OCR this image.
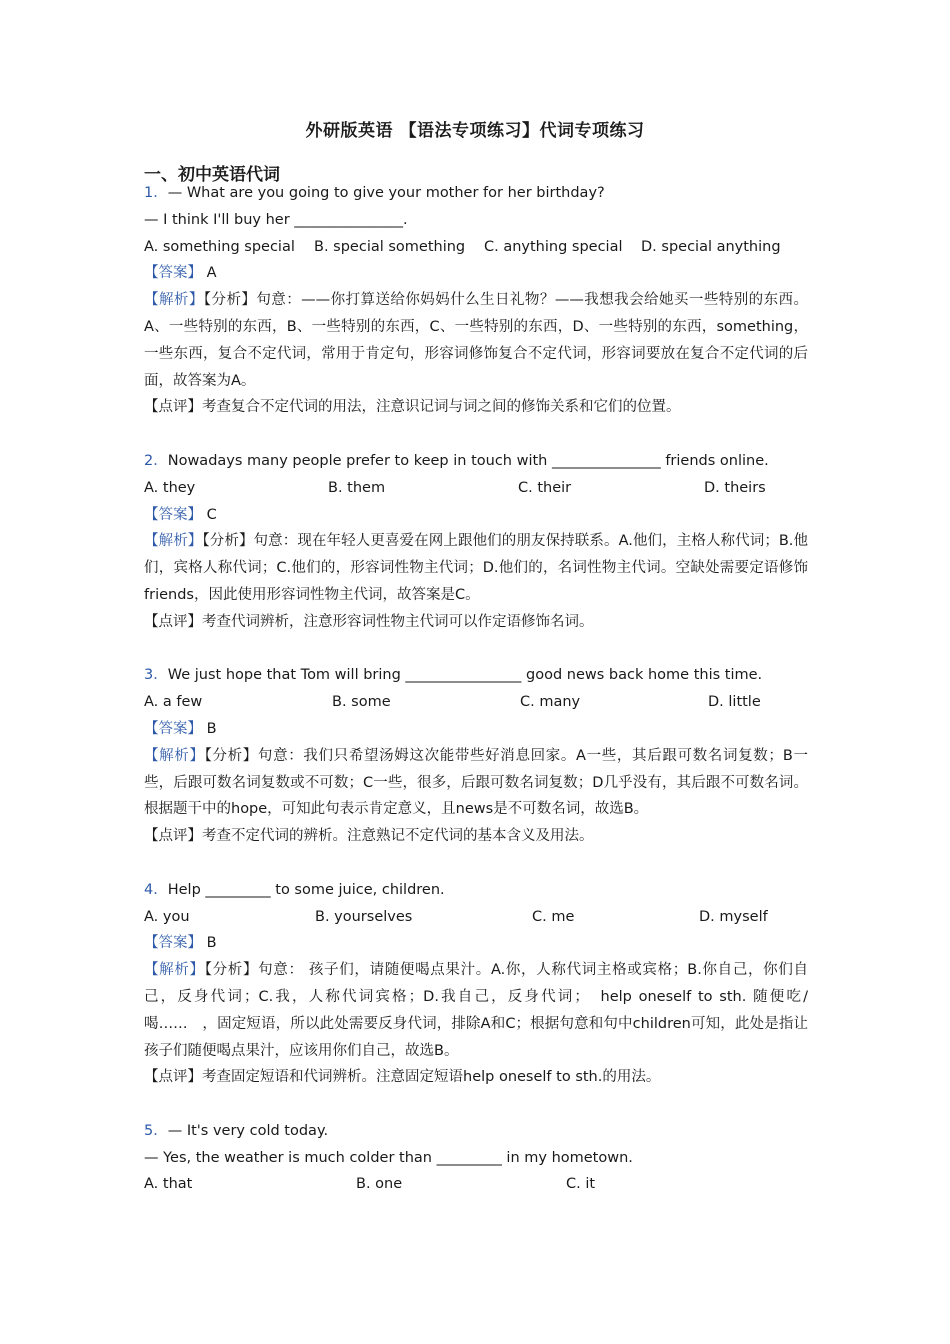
外研版英语 【语法专项练习】代词专项练习
一、初中英语代词
1．— What are you going to give your mother for her birthday?
— I think I'll buy her _______________.
A. something special	B. special something	C. anything special	D. special anything
【答案】 A
【解析】【分析】句意：——你打算送给你妈妈什么生日礼物？——我想我会给她买一些特别的东西。A、一些特别的东西，B、一些特别的东西，C、一些特别的东西，D、一些特别的东西，something，一些东西，复合不定代词，常用于肯定句，形容词修饰复合不定代词，形容词要放在复合不定代词的后面，故答案为A。
【点评】考查复合不定代词的用法，注意识记词与词之间的修饰关系和它们的位置。
2．Nowadays many people prefer to keep in touch with _______________ friends online.
A. they	B. them	C. their	D. theirs
【答案】 C
【解析】【分析】句意：现在年轻人更喜爱在网上跟他们的朋友保持联系。A.他们，主格人称代词；B.他们，宾格人称代词；C.他们的，形容词性物主代词；D.他们的，名词性物主代词。空缺处需要定语修饰friends，因此使用形容词性物主代词，故答案是C。
【点评】考查代词辨析，注意形容词性物主代词可以作定语修饰名词。
3．We just hope that Tom will bring ________________ good news back home this time.
A. a few	B. some	C. many	D. little
【答案】 B
【解析】【分析】句意：我们只希望汤姆这次能带些好消息回家。A一些，其后跟可数名词复数；B一些，后跟可数名词复数或不可数；C一些，很多，后跟可数名词复数；D几乎没有，其后跟不可数名词。根据题干中的hope，可知此句表示肯定意义，且news是不可数名词，故选B。
【点评】考查不定代词的辨析。注意熟记不定代词的基本含义及用法。
4．Help _________ to some juice, children.
A. you	B. yourselves	C. me	D. myself
【答案】 B
【解析】【分析】句意： 孩子们，请随便喝点果汁。A.你，人称代词主格或宾格；B.你自己，你们自己，反身代词；C.我，人称代词宾格；D.我自己，反身代词；　help oneself to sth. 随便吃/喝……　，固定短语，所以此处需要反身代词，排除A和C；根据句意和句中children可知，此处是指让孩子们随便喝点果汁，应该用你们自己，故选B。
【点评】考查固定短语和代词辨析。注意固定短语help oneself to sth.的用法。
5．— It's very cold today.
— Yes, the weather is much colder than _________ in my hometown.
A. that	B. one	C. it
